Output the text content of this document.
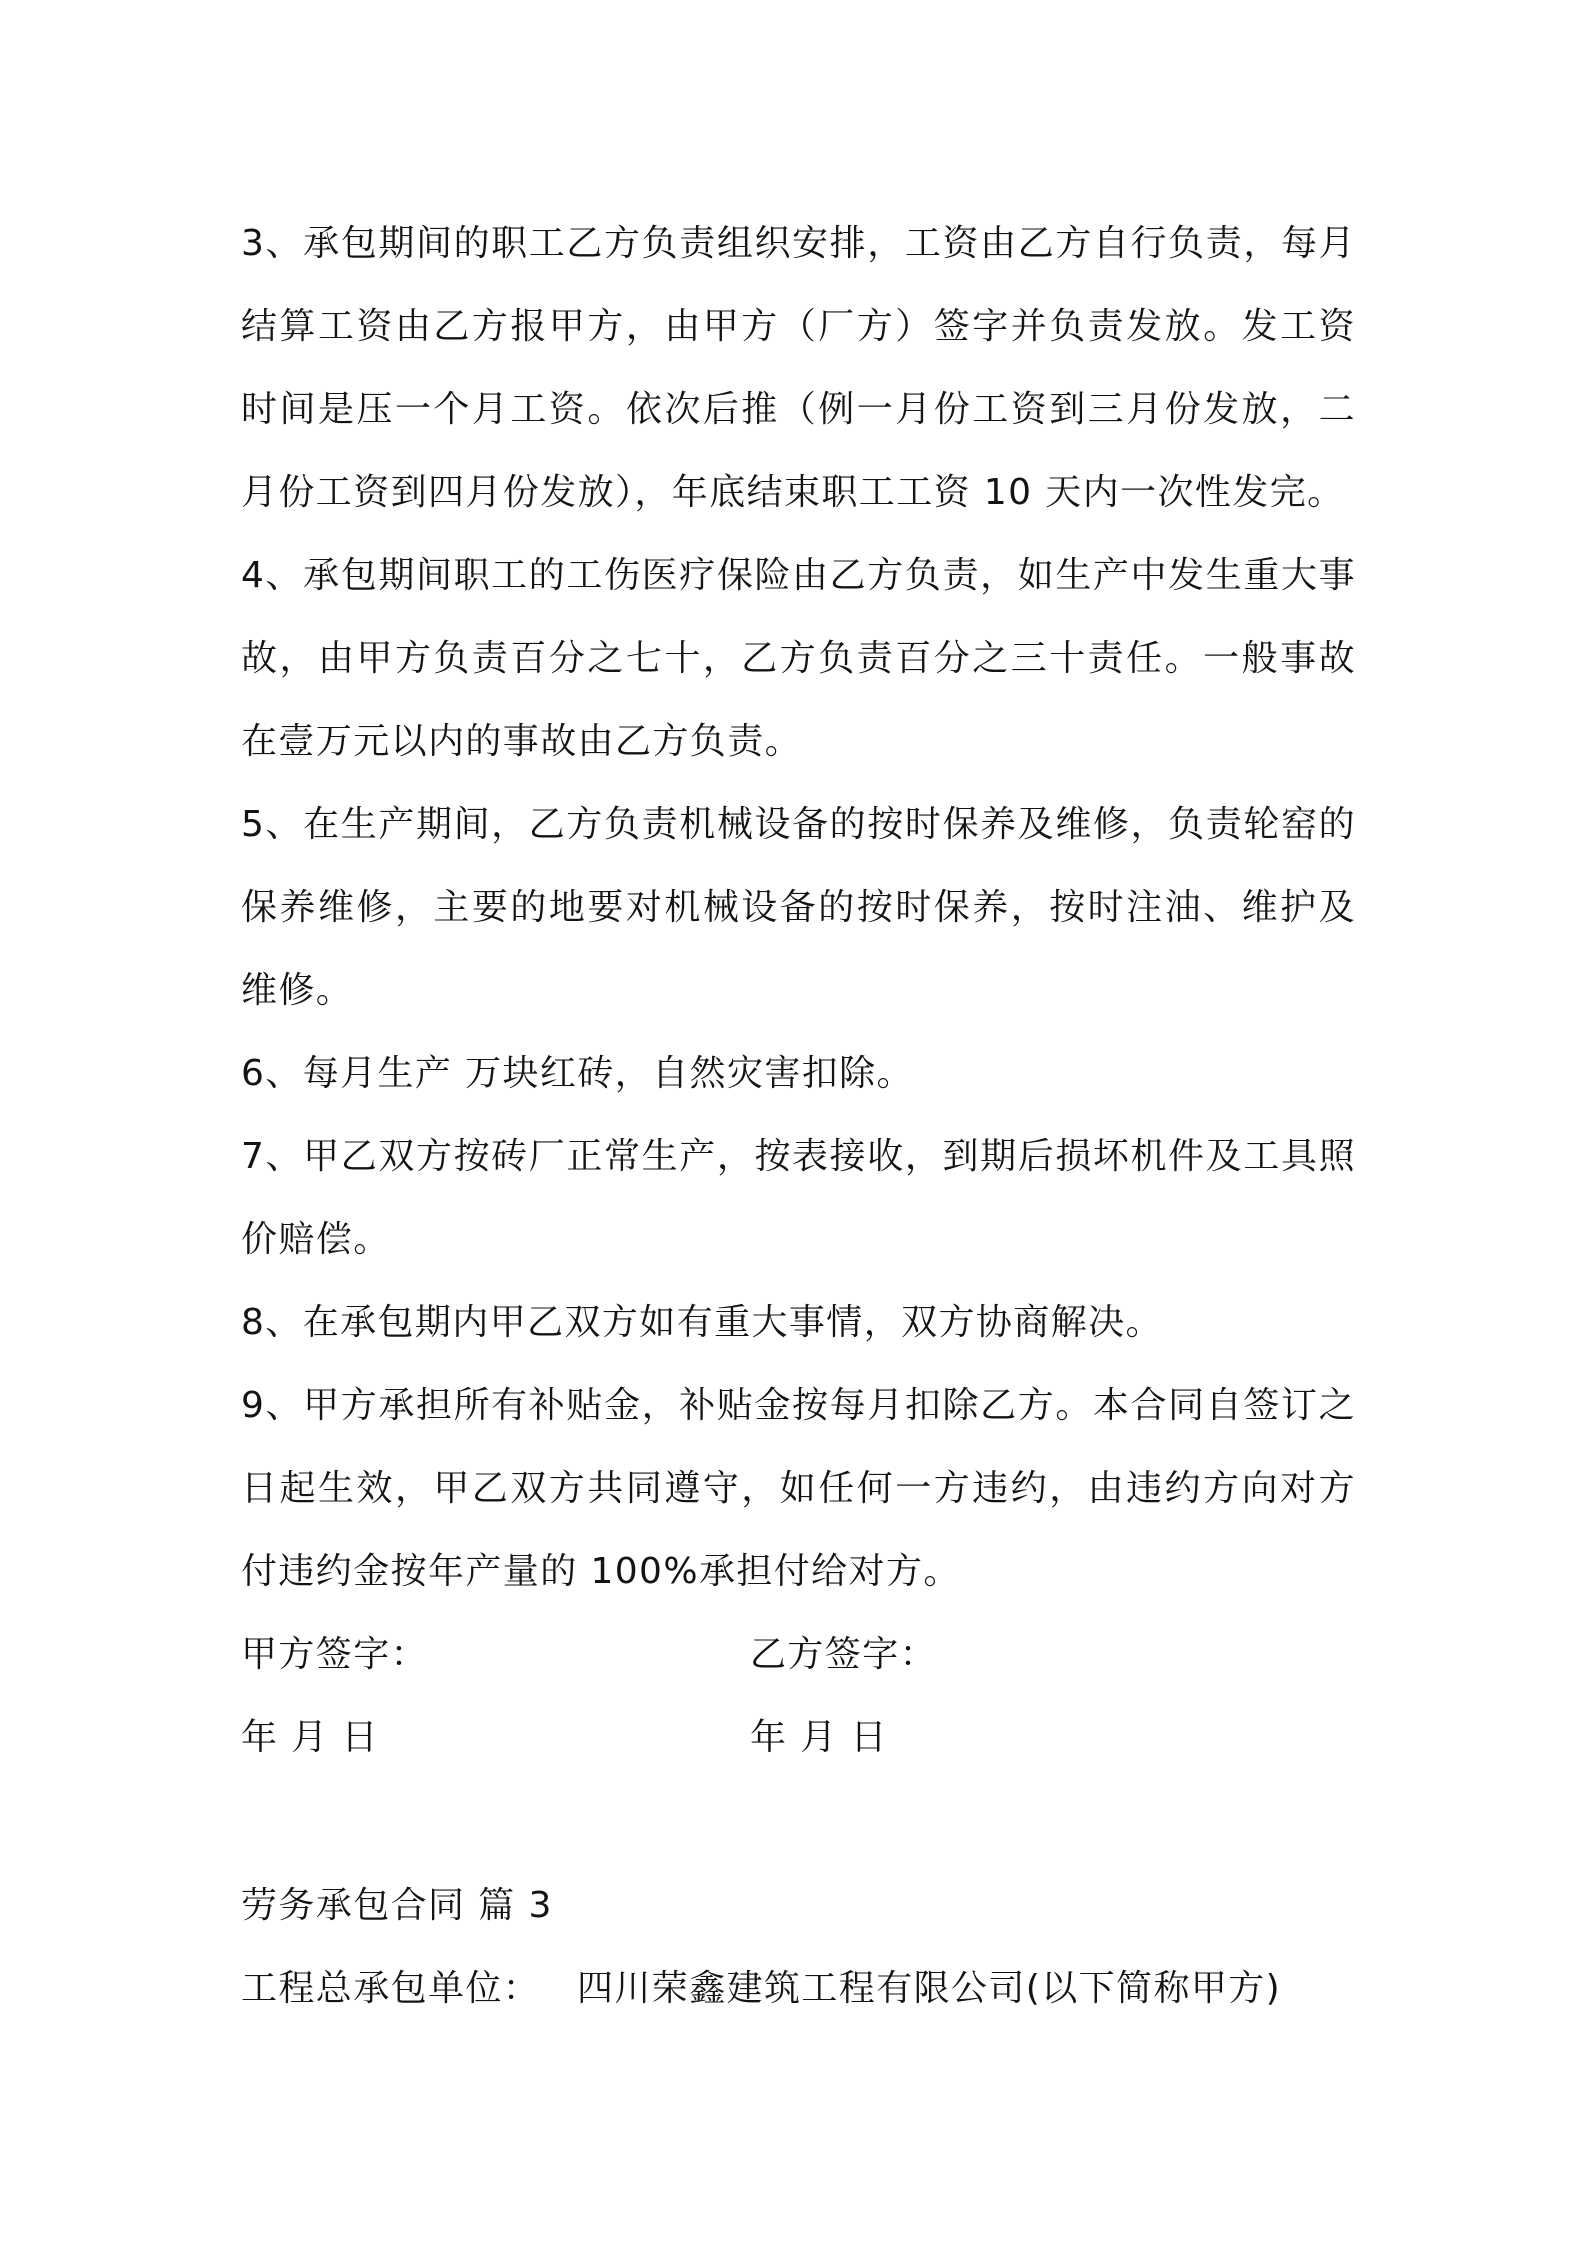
3、承包期间的职工乙方负责组织安排，工资由乙方自行负责，每月结算工资由乙方报甲方，由甲方（厂方）签字并负责发放。发工资时间是压一个月工资。依次后推（例一月份工资到三月份发放，二月份工资到四月份发放），年底结束职工工资 10 天内一次性发完。

4、承包期间职工的工伤医疗保险由乙方负责，如生产中发生重大事故，由甲方负责百分之七十，乙方负责百分之三十责任。一般事故在壹万元以内的事故由乙方负责。

5、在生产期间，乙方负责机械设备的按时保养及维修，负责轮窑的保养维修，主要的地要对机械设备的按时保养，按时注油、维护及维修。

6、每月生产 万块红砖，自然灾害扣除。

7、甲乙双方按砖厂正常生产，按表接收，到期后损坏机件及工具照价赔偿。

8、在承包期内甲乙双方如有重大事情，双方协商解决。

9、甲方承担所有补贴金，补贴金按每月扣除乙方。本合同自签订之日起生效，甲乙双方共同遵守，如任何一方违约，由违约方向对方付违约金按年产量的 100%承担付给对方。

甲方签字：	乙方签字：
年 月 日	年 月 日
劳务承包合同 篇 3
工程总承包单位： 四川荣鑫建筑工程有限公司(以下简称甲方)
